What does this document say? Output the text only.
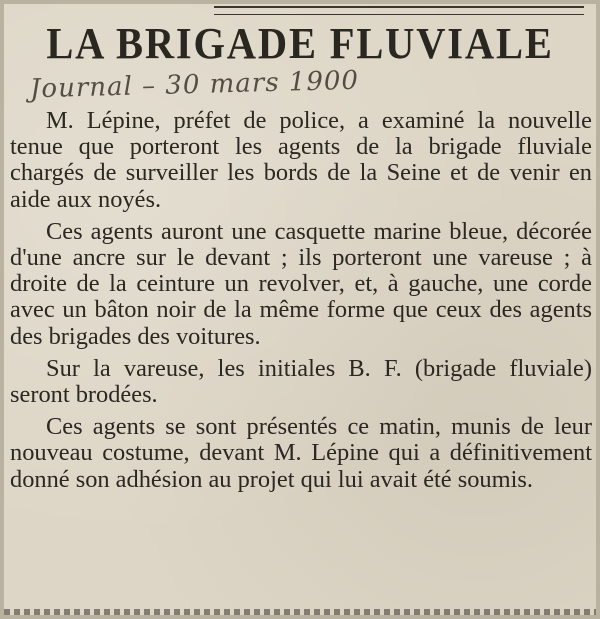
LA BRIGADE FLUVIALE
Journal – 30 mars 1900

M. Lépine, préfet de police, a examiné la nouvelle tenue que porteront les agents de la brigade fluviale chargés de surveiller les bords de la Seine et de venir en aide aux noyés.

Ces agents auront une casquette marine bleue, décorée d'une ancre sur le devant ; ils porteront une vareuse ; à droite de la ceinture un revolver, et, à gauche, une corde avec un bâton noir de la même forme que ceux des agents des brigades des voitures.

Sur la vareuse, les initiales B. F. (brigade fluviale) seront brodées.

Ces agents se sont présentés ce matin, munis de leur nouveau costume, devant M. Lépine qui a définitivement donné son adhésion au projet qui lui avait été soumis.
